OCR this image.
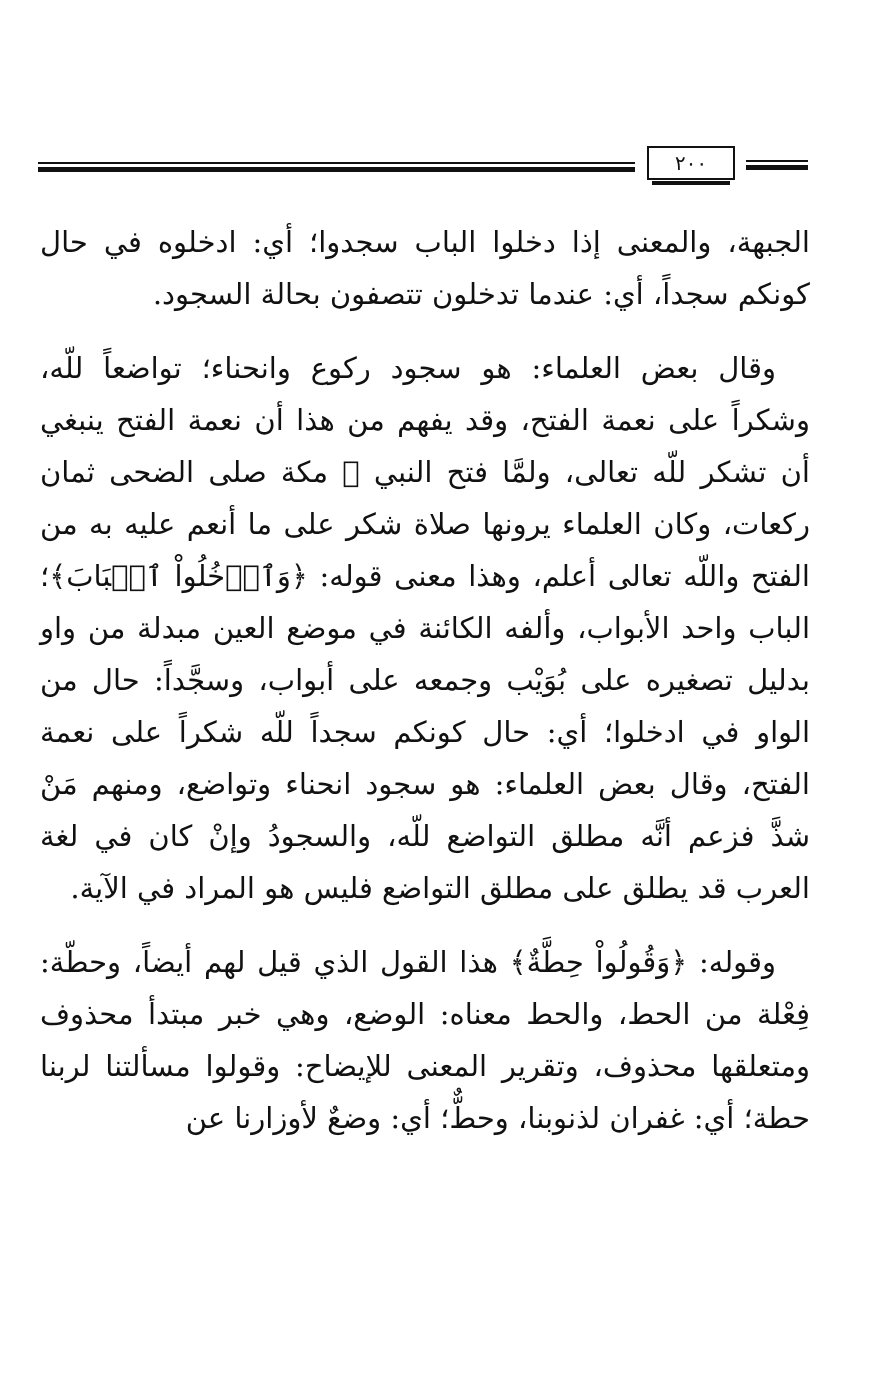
٢٠٠

الجبهة، والمعنى إذا دخلوا الباب سجدوا؛ أي: ادخلوه في حال كونكم سجداً، أي: عندما تدخلون تتصفون بحالة السجود.

وقال بعض العلماء: هو سجود ركوع وانحناء؛ تواضعاً للّه، وشكراً على نعمة الفتح، وقد يفهم من هذا أن نعمة الفتح ينبغي أن تشكر للّه تعالى، ولمَّا فتح النبي ﷺ مكة صلى الضحى ثمان ركعات، وكان العلماء يرونها صلاة شكر على ما أنعم عليه به من الفتح واللّه تعالى أعلم، وهذا معنى قوله: ﴿وَٱدۡخُلُواْ ٱلۡبَابَ﴾؛ الباب واحد الأبواب، وألفه الكائنة في موضع العين مبدلة من واو بدليل تصغيره على بُوَيْب وجمعه على أبواب، وسجَّداً: حال من الواو في ادخلوا؛ أي: حال كونكم سجداً للّه شكراً على نعمة الفتح، وقال بعض العلماء: هو سجود انحناء وتواضع، ومنهم مَنْ شذَّ فزعم أنَّه مطلق التواضع للّه، والسجودُ وإنْ كان في لغة العرب قد يطلق على مطلق التواضع فليس هو المراد في الآية.

وقوله: ﴿وَقُولُواْ حِطَّةٌ﴾ هذا القول الذي قيل لهم أيضاً، وحطّة: فِعْلة من الحط، والحط معناه: الوضع، وهي خبر مبتدأ محذوف ومتعلقها محذوف، وتقرير المعنى للإيضاح: وقولوا مسألتنا لربنا حطة؛ أي: غفران لذنوبنا، وحطٌّ؛ أي: وضعٌ لأوزارنا عن
